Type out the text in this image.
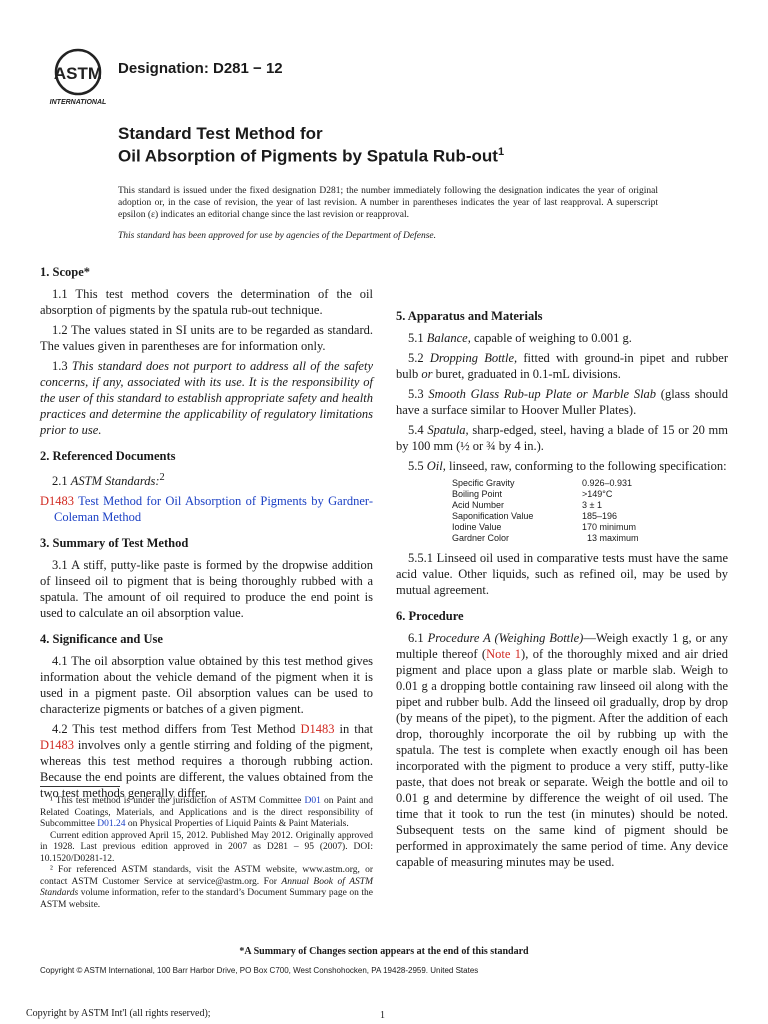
ASTM
INTERNATIONAL
Designation: D281 − 12
Standard Test Method for
Oil Absorption of Pigments by Spatula Rub-out$^1$
This standard is issued under the fixed designation D281; the number immediately following the designation indicates the year of original adoption or, in the case of revision, the year of last revision. A number in parentheses indicates the year of last reapproval. A superscript epsilon (ε) indicates an editorial change since the last revision or reapproval.
This standard has been approved for use by agencies of the Department of Defense.
1. Scope*

1.1 This test method covers the determination of the oil absorption of pigments by the spatula rub-out technique.

1.2 The values stated in SI units are to be regarded as standard. The values given in parentheses are for information only.

1.3 This standard does not purport to address all of the safety concerns, if any, associated with its use. It is the responsibility of the user of this standard to establish appropriate safety and health practices and determine the applicability of regulatory limitations prior to use.

2. Referenced Documents

2.1 ASTM Standards:$^2$

D1483 Test Method for Oil Absorption of Pigments by Gardner-Coleman Method

3. Summary of Test Method

3.1 A stiff, putty-like paste is formed by the dropwise addition of linseed oil to pigment that is being thoroughly rubbed with a spatula. The amount of oil required to produce the end point is used to calculate an oil absorption value.

4. Significance and Use

4.1 The oil absorption value obtained by this test method gives information about the vehicle demand of the pigment when it is used in a pigment paste. Oil absorption values can be used to characterize pigments or batches of a given pigment.

4.2 This test method differs from Test Method D1483 in that D1483 involves only a gentle stirring and folding of the pigment, whereas this test method requires a thorough rubbing action. Because the end points are different, the values obtained from the two test methods generally differ.

¹ This test method is under the jurisdiction of ASTM Committee D01 on Paint and Related Coatings, Materials, and Applications and is the direct responsibility of Subcommittee D01.24 on Physical Properties of Liquid Paints & Paint Materials.

Current edition approved April 15, 2012. Published May 2012. Originally approved in 1928. Last previous edition approved in 2007 as D281 – 95 (2007). DOI: 10.1520/D0281-12.

² For referenced ASTM standards, visit the ASTM website, www.astm.org, or contact ASTM Customer Service at service@astm.org. For Annual Book of ASTM Standards volume information, refer to the standard’s Document Summary page on the ASTM website.

5. Apparatus and Materials

5.1 Balance, capable of weighing to 0.001 g.

5.2 Dropping Bottle, fitted with ground-in pipet and rubber bulb or buret, graduated in 0.1-mL divisions.

5.3 Smooth Glass Rub-up Plate or Marble Slab (glass should have a surface similar to Hoover Muller Plates).

5.4 Spatula, sharp-edged, steel, having a blade of 15 or 20 mm by 100 mm (½ or ¾ by 4 in.).

5.5 Oil, linseed, raw, conforming to the following specification:

Specific Gravity	0.926–0.931
Boiling Point	>149°C
Acid Number	3 ± 1
Saponification Value	185–196
Iodine Value	170 minimum
Gardner Color	13 maximum

5.5.1 Linseed oil used in comparative tests must have the same acid value. Other liquids, such as refined oil, may be used by mutual agreement.

6. Procedure

6.1 Procedure A (Weighing Bottle)—Weigh exactly 1 g, or any multiple thereof (Note 1), of the thoroughly mixed and air dried pigment and place upon a glass plate or marble slab. Weigh to 0.01 g a dropping bottle containing raw linseed oil along with the pipet and rubber bulb. Add the linseed oil gradually, drop by drop (by means of the pipet), to the pigment. After the addition of each drop, thoroughly incorporate the oil by rubbing up with the spatula. The test is complete when exactly enough oil has been incorporated with the pigment to produce a very stiff, putty-like paste, that does not break or separate. Weigh the bottle and oil to 0.01 g and determine by difference the weight of oil used. The time that it took to run the test (in minutes) should be noted. Subsequent tests on the same kind of pigment should be performed in approximately the same period of time. Any device capable of measuring minutes may be used.

*A Summary of Changes section appears at the end of this standard
Copyright © ASTM International, 100 Barr Harbor Drive, PO Box C700, West Conshohocken, PA 19428-2959. United States
Copyright by ASTM Int'l (all rights reserved);	1
